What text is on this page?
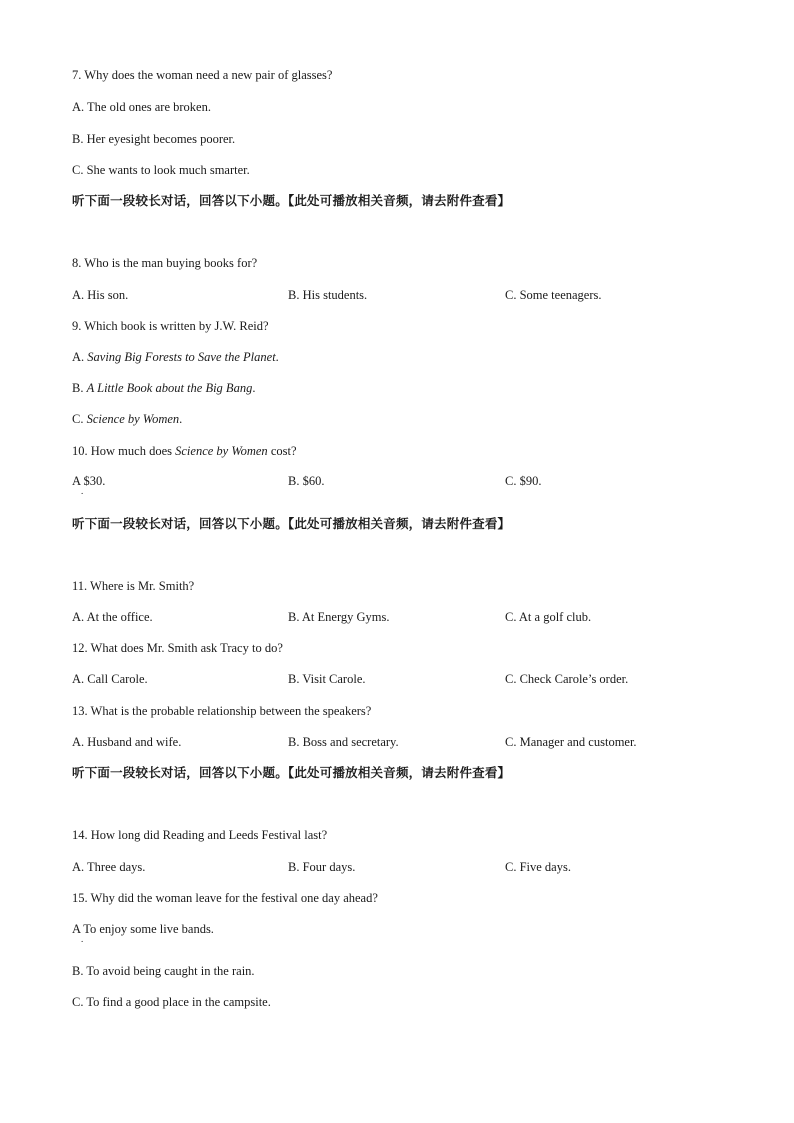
7. Why does the woman need a new pair of glasses?
A. The old ones are broken.
B. Her eyesight becomes poorer.
C. She wants to look much smarter.
听下面一段较长对话，回答以下小题。【此处可播放相关音频，请去附件查看】
8. Who is the man buying books for?
A. His son.	B. His students.	C. Some teenagers.
9. Which book is written by J.W. Reid?
A. Saving Big Forests to Save the Planet.
B. A Little Book about the Big Bang.
C. Science by Women.
10. How much does Science by Women cost?
A $30.	B. $60.	C. $90.
.
听下面一段较长对话，回答以下小题。【此处可播放相关音频，请去附件查看】
11. Where is Mr. Smith?
A. At the office.	B. At Energy Gyms.	C. At a golf club.
12. What does Mr. Smith ask Tracy to do?
A. Call Carole.	B. Visit Carole.	C. Check Carole’s order.
13. What is the probable relationship between the speakers?
A. Husband and wife.	B. Boss and secretary.	C. Manager and customer.
听下面一段较长对话，回答以下小题。【此处可播放相关音频，请去附件查看】
14. How long did Reading and Leeds Festival last?
A. Three days.	B. Four days.	C. Five days.
15. Why did the woman leave for the festival one day ahead?
A To enjoy some live bands.
.
B. To avoid being caught in the rain.
C. To find a good place in the campsite.
